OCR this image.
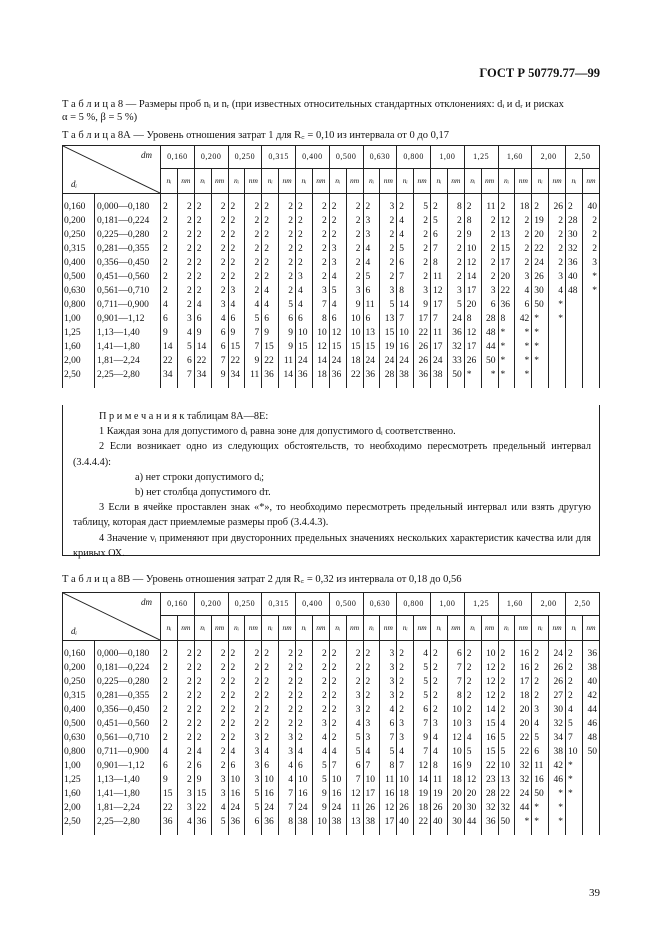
ГОСТ Р 50779.77—99
Т а б л и ц а 8 — Размеры проб nᵢ и nᵣ (при известных относительных стандартных отклонениях: dᵢ и dᵣ и рисках
α = 5 %, β = 5 %)
Т а б л и ц а 8А — Уровень отношения затрат 1 для R꜀ = 0,10 из интервала от 0 до 0,17
dт
dᵢ		0,160		0,200		0,250		0,315		0,400		0,500		0,630		0,800		1,00		1,25		1,60		2,00		2,50	
		nᵢ	nт	nᵢ	nт	nᵢ	nт	nᵢ	nт	nᵢ	nт	nᵢ	nт	nᵢ	nт	nᵢ	nт	nᵢ	nт	nᵢ	nт	nᵢ	nт	nᵢ	nт	nᵢ	nт

0,160	0,000—0,180	2	2	2	2	2	2	2	2	2	2	2	2	2	3	2	5	2	8	2	11	2	18	2	26	2	40
0,200	0,181—0,224	2	2	2	2	2	2	2	2	2	2	2	2	3	2	4	2	5	2	8	2	12	2	19	2	28	2
0,250	0,225—0,280	2	2	2	2	2	2	2	2	2	2	2	2	3	2	4	2	6	2	9	2	13	2	20	2	30	2
0,315	0,281—0,355	2	2	2	2	2	2	2	2	2	2	3	2	4	2	5	2	7	2	10	2	15	2	22	2	32	2
0,400	0,356—0,450	2	2	2	2	2	2	2	2	2	2	3	2	4	2	6	2	8	2	12	2	17	2	24	2	36	3
0,500	0,451—0,560	2	2	2	2	2	2	2	2	3	2	4	2	5	2	7	2	11	2	14	2	20	3	26	3	40	*
0,630	0,561—0,710	2	2	2	2	3	2	4	2	4	3	5	3	6	3	8	3	12	3	17	3	22	4	30	4	48	*
0,800	0,711—0,900	4	2	4	3	4	4	4	5	4	7	4	9	11	5	14	9	17	5	20	6	36	6	50	*		
1,00	0,901—1,12	6	3	6	4	6	5	6	6	6	8	6	10	6	13	7	17	7	24	8	28	8	42	*	*		
1,25	1,13—1,40	9	4	9	6	9	7	9	9	10	10	12	10	13	15	10	22	11	36	12	48	*	*	*			
1,60	1,41—1,80	14	5	14	6	15	7	15	9	15	12	15	15	15	19	16	26	17	32	17	44	*	*	*			
2,00	1,81—2,24	22	6	22	7	22	9	22	11	24	14	24	18	24	24	24	26	24	33	26	50	*	*	*			
2,50	2,25—2,80	34	7	34	9	34	11	36	14	36	18	36	22	36	28	38	36	38	50	*	*	*	*				

П р и м е ч а н и я к таблицам 8А—8Е:

1 Каждая зона для допустимого dᵢ равна зоне для допустимого dᵢ соответственно.

2 Если возникает одно из следующих обстоятельств, то необходимо пересмотреть предельный интервал (3.4.4.4):

а) нет строки допустимого dᵢ;

b) нет столбца допустимого dт.

3 Если в ячейке проставлен знак «*», то необходимо пересмотреть предельный интервал или взять другую таблицу, которая даст приемлемые размеры проб (3.4.4.3).

4 Значение νᵢ применяют при двусторонних предельных значениях нескольких характеристик качества или для кривых ОХ.

Т а б л и ц а 8В — Уровень отношения затрат 2 для R꜀ = 0,32 из интервала от 0,18 до 0,56
dт
dᵢ		0,160		0,200		0,250		0,315		0,400		0,500		0,630		0,800		1,00		1,25		1,60		2,00		2,50	
		nᵢ	nт	nᵢ	nт	nᵢ	nт	nᵢ	nт	nᵢ	nт	nᵢ	nт	nᵢ	nт	nᵢ	nт	nᵢ	nт	nᵢ	nт	nᵢ	nт	nᵢ	nт	nᵢ	nт

0,160	0,000—0,180	2	2	2	2	2	2	2	2	2	2	2	2	2	3	2	4	2	6	2	10	2	16	2	24	2	36
0,200	0,181—0,224	2	2	2	2	2	2	2	2	2	2	2	2	2	3	2	5	2	7	2	12	2	16	2	26	2	38
0,250	0,225—0,280	2	2	2	2	2	2	2	2	2	2	2	2	2	3	2	5	2	7	2	12	2	17	2	26	2	40
0,315	0,281—0,355	2	2	2	2	2	2	2	2	2	2	2	3	2	3	2	5	2	8	2	12	2	18	2	27	2	42
0,400	0,356—0,450	2	2	2	2	2	2	2	2	2	2	2	3	2	4	2	6	2	10	2	14	2	20	3	30	4	44
0,500	0,451—0,560	2	2	2	2	2	2	2	2	2	3	2	4	3	6	3	7	3	10	3	15	4	20	4	32	5	46
0,630	0,561—0,710	2	2	2	2	2	3	2	3	2	4	2	5	3	7	3	9	4	12	4	16	5	22	5	34	7	48
0,800	0,711—0,900	4	2	4	2	4	3	4	3	4	4	4	5	4	5	4	7	4	10	5	15	5	22	6	38	10	50
1,00	0,901—1,12	6	2	6	2	6	3	6	4	6	5	7	6	7	8	7	12	8	16	9	22	10	32	11	42	*	
1,25	1,13—1,40	9	2	9	3	10	3	10	4	10	5	10	7	10	11	10	14	11	18	12	23	13	32	16	46	*	
1,60	1,41—1,80	15	3	15	3	16	5	16	7	16	9	16	12	17	16	18	19	19	20	20	28	22	24	50	*	*	
2,00	1,81—2,24	22	3	22	4	24	5	24	7	24	9	24	11	26	12	26	18	26	20	30	32	32	44	*	*		
2,50	2,25—2,80	36	4	36	5	36	6	36	8	38	10	38	13	38	17	40	22	40	30	44	36	50	*	*	*		

39
